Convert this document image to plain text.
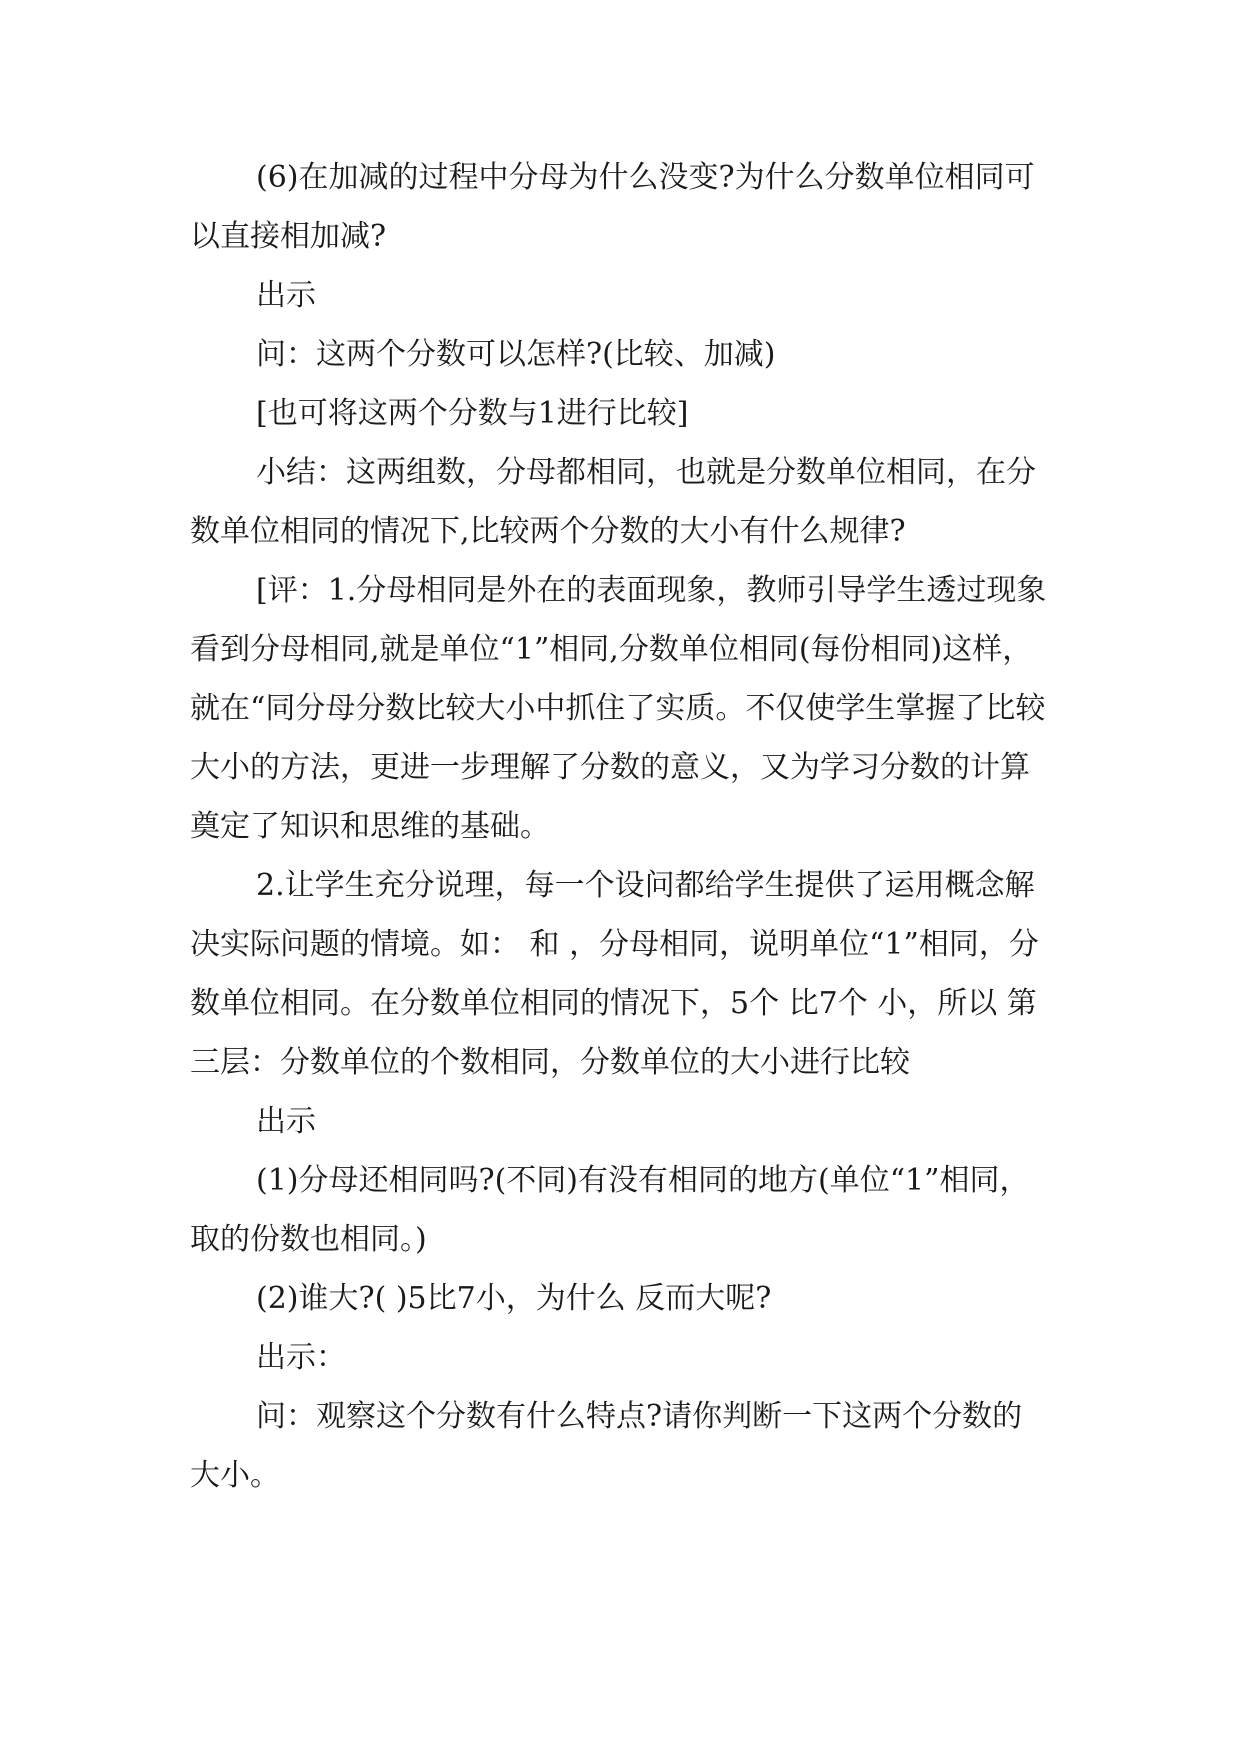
(6)在加减的过程中分母为什么没变?为什么分数单位相同可以直接相加减?

出示

问：这两个分数可以怎样?(比较、加减)

[也可将这两个分数与1进行比较]

小结：这两组数，分母都相同，也就是分数单位相同，在分数单位相同的情况下,比较两个分数的大小有什么规律?

[评：1.分母相同是外在的表面现象，教师引导学生透过现象看到分母相同,就是单位“1”相同,分数单位相同(每份相同)这样，就在“同分母分数比较大小中抓住了实质。不仅使学生掌握了比较大小的方法，更进一步理解了分数的意义，又为学习分数的计算奠定了知识和思维的基础。

2.让学生充分说理，每一个设问都给学生提供了运用概念解决实际问题的情境。如： 和 ，分母相同，说明单位“1”相同，分数单位相同。在分数单位相同的情况下，5个 比7个 小，所以 第三层：分数单位的个数相同，分数单位的大小进行比较

出示

(1)分母还相同吗?(不同)有没有相同的地方(单位“1”相同，取的份数也相同。)

(2)谁大?( )5比7小，为什么 反而大呢?

出示：

问：观察这个分数有什么特点?请你判断一下这两个分数的大小。
